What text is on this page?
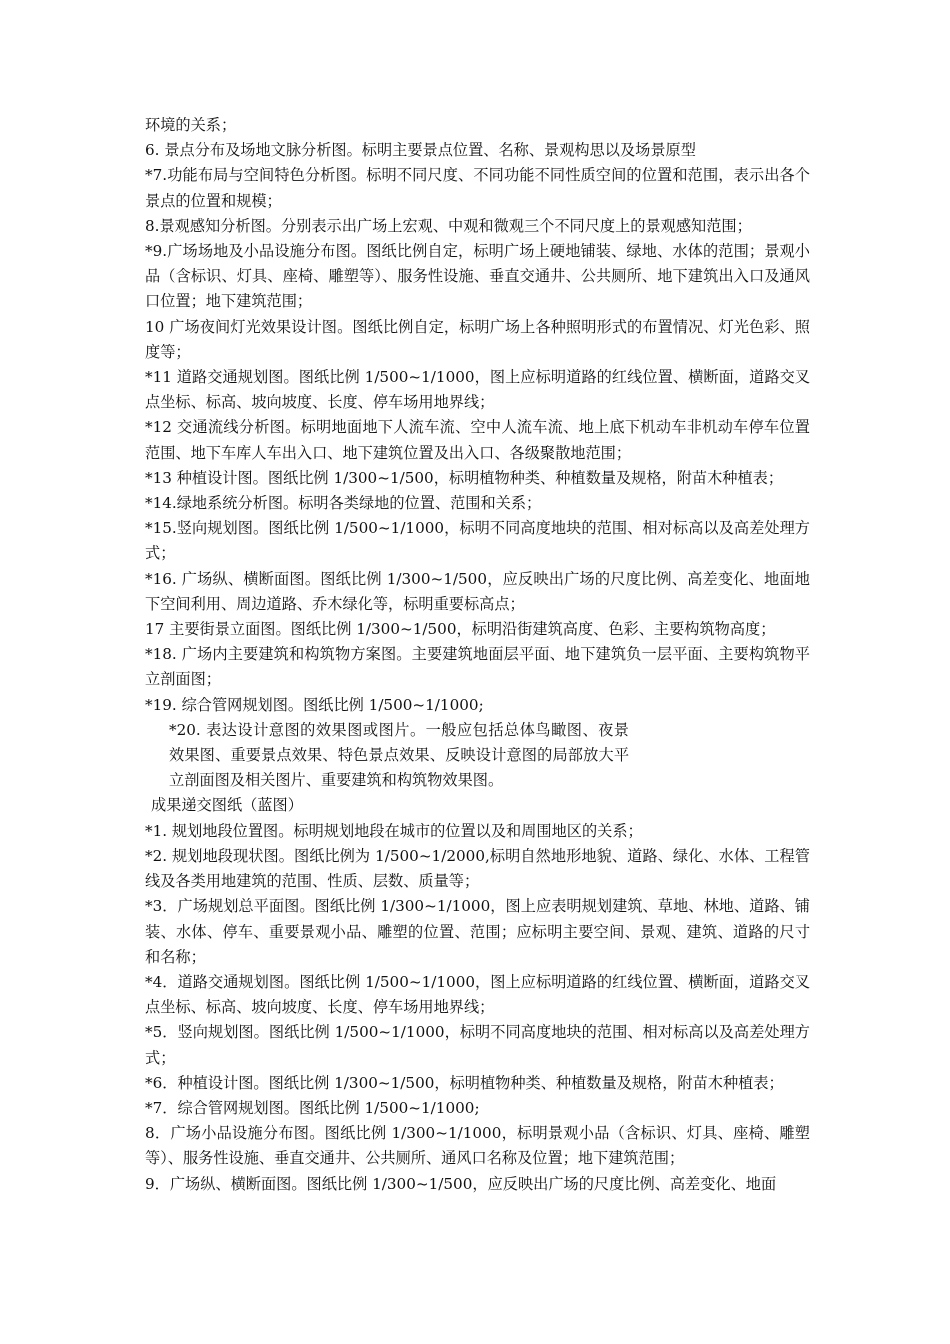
环境的关系；

6. 景点分布及场地文脉分析图。标明主要景点位置、名称、景观构思以及场景原型

*7.功能布局与空间特色分析图。标明不同尺度、不同功能不同性质空间的位置和范围，表示出各个景点的位置和规模；

8.景观感知分析图。分别表示出广场上宏观、中观和微观三个不同尺度上的景观感知范围；

*9.广场场地及小品设施分布图。图纸比例自定，标明广场上硬地铺装、绿地、水体的范围；景观小品（含标识、灯具、座椅、雕塑等）、服务性设施、垂直交通井、公共厕所、地下建筑出入口及通风口位置；地下建筑范围；

10 广场夜间灯光效果设计图。图纸比例自定，标明广场上各种照明形式的布置情况、灯光色彩、照度等；

*11 道路交通规划图。图纸比例 1/500~1/1000，图上应标明道路的红线位置、横断面，道路交叉点坐标、标高、坡向坡度、长度、停车场用地界线；

*12 交通流线分析图。标明地面地下人流车流、空中人流车流、地上底下机动车非机动车停车位置范围、地下车库人车出入口、地下建筑位置及出入口、各级聚散地范围；

*13 种植设计图。图纸比例 1/300~1/500，标明植物种类、种植数量及规格，附苗木种植表；

*14.绿地系统分析图。标明各类绿地的位置、范围和关系；

*15.竖向规划图。图纸比例 1/500~1/1000，标明不同高度地块的范围、相对标高以及高差处理方式；

*16. 广场纵、横断面图。图纸比例 1/300~1/500，应反映出广场的尺度比例、高差变化、地面地下空间利用、周边道路、乔木绿化等，标明重要标高点；

17 主要街景立面图。图纸比例 1/300~1/500，标明沿街建筑高度、色彩、主要构筑物高度；

*18. 广场内主要建筑和构筑物方案图。主要建筑地面层平面、地下建筑负一层平面、主要构筑物平立剖面图；

*19. 综合管网规划图。图纸比例 1/500~1/1000;

*20. 表达设计意图的效果图或图片。一般应包括总体鸟瞰图、夜景效果图、重要景点效果、特色景点效果、反映设计意图的局部放大平立剖面图及相关图片、重要建筑和构筑物效果图。

成果递交图纸（蓝图）

*1. 规划地段位置图。标明规划地段在城市的位置以及和周围地区的关系；

*2. 规划地段现状图。图纸比例为 1/500~1/2000,标明自然地形地貌、道路、绿化、水体、工程管线及各类用地建筑的范围、性质、层数、质量等；

*3．广场规划总平面图。图纸比例 1/300~1/1000，图上应表明规划建筑、草地、林地、道路、铺装、水体、停车、重要景观小品、雕塑的位置、范围；应标明主要空间、景观、建筑、道路的尺寸和名称；

*4．道路交通规划图。图纸比例 1/500~1/1000，图上应标明道路的红线位置、横断面，道路交叉点坐标、标高、坡向坡度、长度、停车场用地界线；

*5．竖向规划图。图纸比例 1/500~1/1000，标明不同高度地块的范围、相对标高以及高差处理方式；

*6．种植设计图。图纸比例 1/300~1/500，标明植物种类、种植数量及规格，附苗木种植表；

*7．综合管网规划图。图纸比例 1/500~1/1000;

8．广场小品设施分布图。图纸比例 1/300~1/1000，标明景观小品（含标识、灯具、座椅、雕塑等）、服务性设施、垂直交通井、公共厕所、通风口名称及位置；地下建筑范围；

9．广场纵、横断面图。图纸比例 1/300~1/500，应反映出广场的尺度比例、高差变化、地面
